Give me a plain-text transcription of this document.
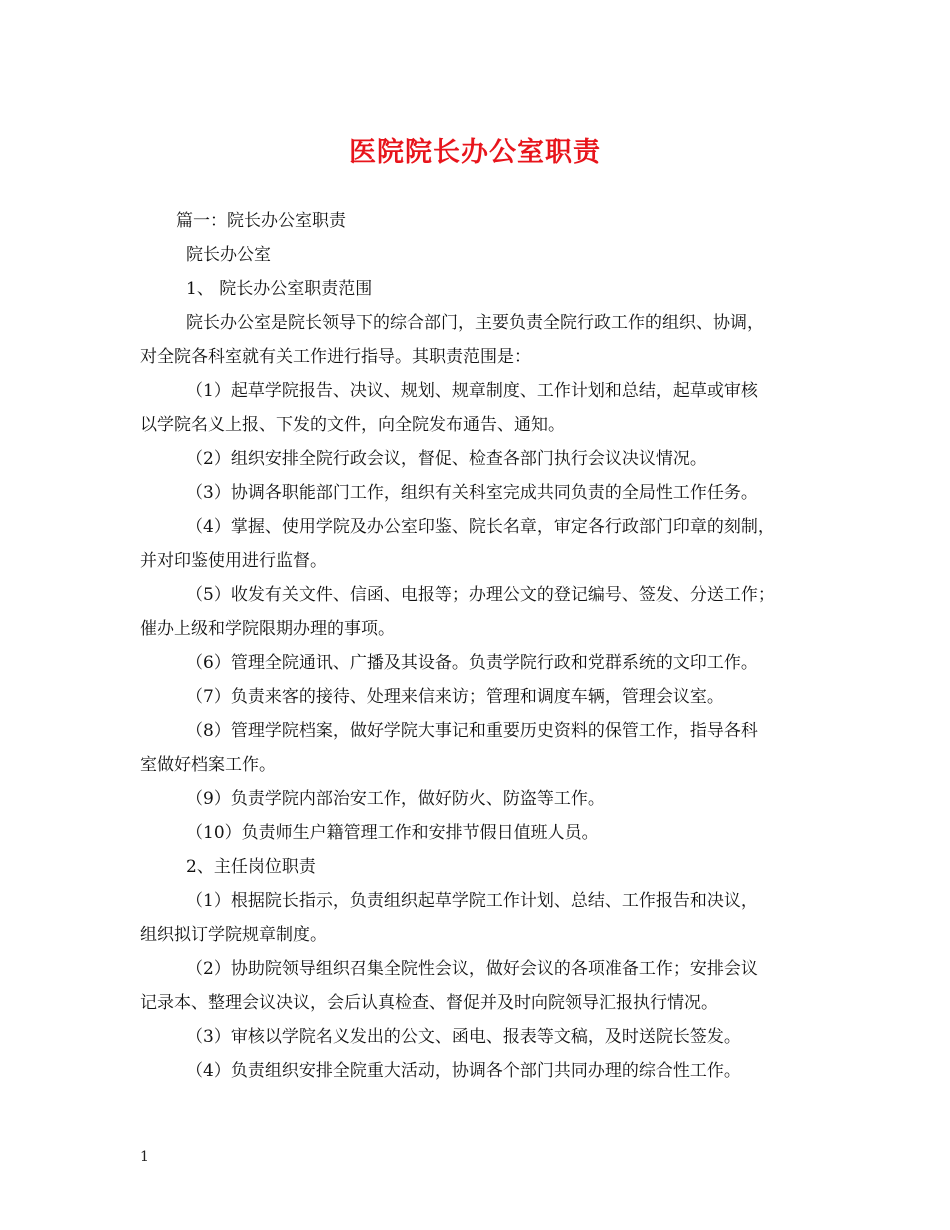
医院院长办公室职责
篇一：院长办公室职责
院长办公室
1、 院长办公室职责范围
院长办公室是院长领导下的综合部门，主要负责全院行政工作的组织、协调，
对全院各科室就有关工作进行指导。其职责范围是：
（1）起草学院报告、决议、规划、规章制度、工作计划和总结，起草或审核
以学院名义上报、下发的文件，向全院发布通告、通知。
（2）组织安排全院行政会议，督促、检查各部门执行会议决议情况。
（3）协调各职能部门工作，组织有关科室完成共同负责的全局性工作任务。
（4）掌握、使用学院及办公室印鉴、院长名章，审定各行政部门印章的刻制，
并对印鉴使用进行监督。
（5）收发有关文件、信函、电报等；办理公文的登记编号、签发、分送工作；
催办上级和学院限期办理的事项。
（6）管理全院通讯、广播及其设备。负责学院行政和党群系统的文印工作。
（7）负责来客的接待、处理来信来访；管理和调度车辆，管理会议室。
（8）管理学院档案，做好学院大事记和重要历史资料的保管工作，指导各科
室做好档案工作。
（9）负责学院内部治安工作，做好防火、防盗等工作。
（10）负责师生户籍管理工作和安排节假日值班人员。
2、主任岗位职责
（1）根据院长指示，负责组织起草学院工作计划、总结、工作报告和决议，
组织拟订学院规章制度。
（2）协助院领导组织召集全院性会议，做好会议的各项准备工作；安排会议
记录本、整理会议决议，会后认真检查、督促并及时向院领导汇报执行情况。
（3）审核以学院名义发出的公文、函电、报表等文稿，及时送院长签发。
（4）负责组织安排全院重大活动，协调各个部门共同办理的综合性工作。
1
